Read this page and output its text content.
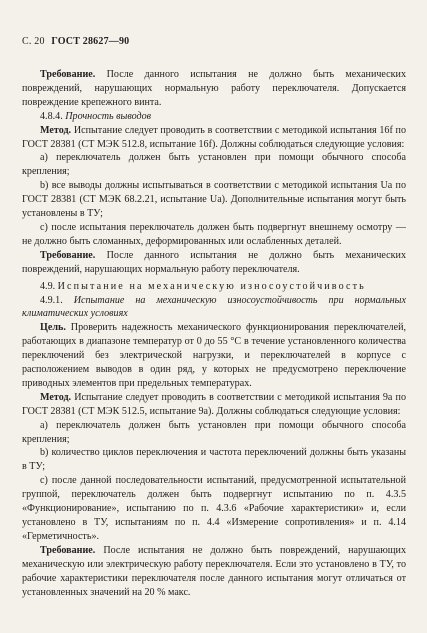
С. 20 ГОСТ 28627—90
Требование. После данного испытания не должно быть механических повреждений, нарушающих нормальную работу переключателя. Допускается повреждение крепежного винта.
4.8.4. Прочность выводов
Метод. Испытание следует проводить в соответствии с методикой испытания 16f по ГОСТ 28381 (СТ МЭК 512.8, испытание 16f). Должны соблюдаться следующие условия:
а) переключатель должен быть установлен при помощи обычного способа крепления;
b) все выводы должны испытываться в соответствии с методикой испытания Ua по ГОСТ 28381 (СТ МЭК 68.2.21, испытание Ua). Дополнительные испытания могут быть установлены в ТУ;
c) после испытания переключатель должен быть подвергнут внешнему осмотру — не должно быть сломанных, деформированных или ослабленных деталей.
Требование. После данного испытания не должно быть механических повреждений, нарушающих нормальную работу переключателя.
4.9. Испытание на механическую износоустойчивость
4.9.1. Испытание на механическую износоустойчивость при нормальных климатических условиях
Цель. Проверить надежность механического функционирования переключателей, работающих в диапазоне температур от 0 до 55 °С в течение установленного количества переключений без электрической нагрузки, и переключателей в корпусе с расположением выводов в один ряд, у которых не предусмотрено переключение приводных элементов при предельных температурах.
Метод. Испытание следует проводить в соответствии с методикой испытания 9а по ГОСТ 28381 (СТ МЭК 512.5, испытание 9а). Должны соблюдаться следующие условия:
а) переключатель должен быть установлен при помощи обычного способа крепления;
b) количество циклов переключения и частота переключений должны быть указаны в ТУ;
c) после данной последовательности испытаний, предусмотренной испытательной группой, переключатель должен быть подвергнут испытанию по п. 4.3.5 «Функционирование», испытанию по п. 4.3.6 «Рабочие характеристики» и, если установлено в ТУ, испытаниям по п. 4.4 «Измерение сопротивления» и п. 4.14 «Герметичность».
Требование. После испытания не должно быть повреждений, нарушающих механическую или электрическую работу переключателя. Если это установлено в ТУ, то рабочие характеристики переключателя после данного испытания могут отличаться от установленных значений на 20 % макс.
